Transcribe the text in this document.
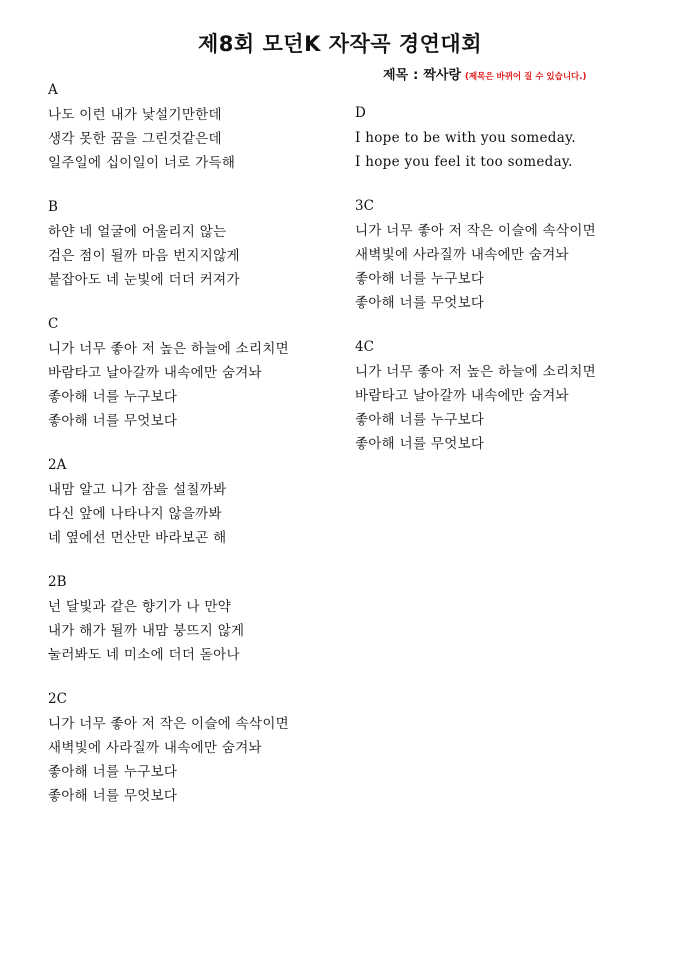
제8회 모던K 자작곡 경연대회
제목 : 짝사랑 (제목은 바뀌어 질 수 있습니다.)
A
나도 이런 내가 낯설기만한데
생각 못한 꿈을 그린것같은데
일주일에 십이일이 너로 가득해
B
하얀 네 얼굴에 어울리지 않는
검은 점이 될까 마음 번지지않게
붙잡아도 네 눈빛에 더더 커져가
C
니가 너무 좋아 저 높은 하늘에 소리치면
바람타고 날아갈까 내속에만 숨겨놔
좋아해 너를 누구보다
좋아해 너를 무엇보다
2A
내맘 알고 니가 잠을 설칠까봐
다신 앞에 나타나지 않을까봐
네 옆에선 먼산만 바라보곤 해
2B
넌 달빛과 같은 향기가 나 만약
내가 해가 될까 내맘 붕뜨지 않게
눌러봐도 네 미소에 더더 돋아나
2C
니가 너무 좋아 저 작은 이슬에 속삭이면
새벽빛에 사라질까 내속에만 숨겨놔
좋아해 너를 누구보다
좋아해 너를 무엇보다
D
I hope to be with you someday.
I hope you feel it too someday.
3C
니가 너무 좋아 저 작은 이슬에 속삭이면
새벽빛에 사라질까 내속에만 숨겨놔
좋아해 너를 누구보다
좋아해 너를 무엇보다
4C
니가 너무 좋아 저 높은 하늘에 소리치면
바람타고 날아갈까 내속에만 숨겨놔
좋아해 너를 누구보다
좋아해 너를 무엇보다
